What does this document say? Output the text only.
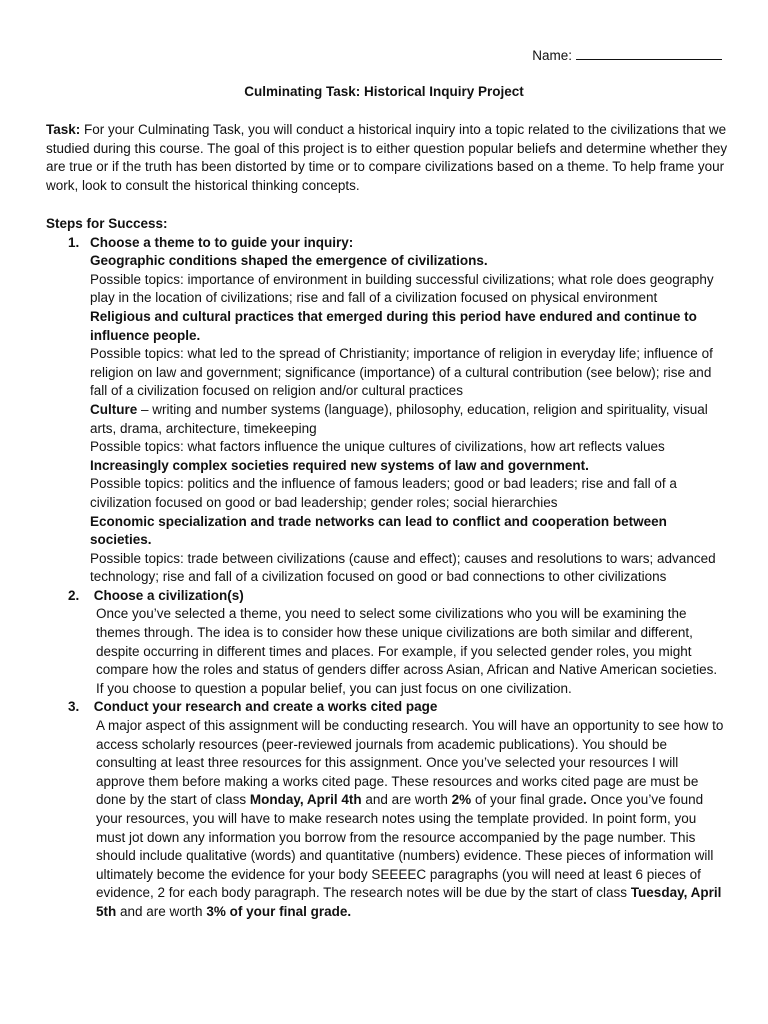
Name:
Culminating Task: Historical Inquiry Project

Task: For your Culminating Task, you will conduct a historical inquiry into a topic related to the civilizations that we studied during this course. The goal of this project is to either question popular beliefs and determine whether they are true or if the truth has been distorted by time or to compare civilizations based on a theme. To help frame your work, look to consult the historical thinking concepts.

Steps for Success:

1. Choose a theme to to guide your inquiry:

Geographic conditions shaped the emergence of civilizations.

Possible topics: importance of environment in building successful civilizations; what role does geography play in the location of civilizations; rise and fall of a civilization focused on physical environment

Religious and cultural practices that emerged during this period have endured and continue to influence people.

Possible topics: what led to the spread of Christianity; importance of religion in everyday life; influence of religion on law and government; significance (importance) of a cultural contribution (see below); rise and fall of a civilization focused on religion and/or cultural practices

Culture – writing and number systems (language), philosophy, education, religion and spirituality, visual arts, drama, architecture, timekeeping

Possible topics: what factors influence the unique cultures of civilizations, how art reflects values

Increasingly complex societies required new systems of law and government.

Possible topics: politics and the influence of famous leaders; good or bad leaders; rise and fall of a civilization focused on good or bad leadership; gender roles; social hierarchies

Economic specialization and trade networks can lead to conflict and cooperation between societies.

Possible topics: trade between civilizations (cause and effect); causes and resolutions to wars; advanced technology; rise and fall of a civilization focused on good or bad connections to other civilizations

2. Choose a civilization(s)

Once you’ve selected a theme, you need to select some civilizations who you will be examining the themes through. The idea is to consider how these unique civilizations are both similar and different, despite occurring in different times and places. For example, if you selected gender roles, you might compare how the roles and status of genders differ across Asian, African and Native American societies. If you choose to question a popular belief, you can just focus on one civilization.

3. Conduct your research and create a works cited page

A major aspect of this assignment will be conducting research. You will have an opportunity to see how to access scholarly resources (peer-reviewed journals from academic publications). You should be consulting at least three resources for this assignment. Once you’ve selected your resources I will approve them before making a works cited page. These resources and works cited page are must be done by the start of class Monday, April 4th and are worth 2% of your final grade. Once you’ve found your resources, you will have to make research notes using the template provided. In point form, you must jot down any information you borrow from the resource accompanied by the page number. This should include qualitative (words) and quantitative (numbers) evidence. These pieces of information will ultimately become the evidence for your body SEEEEC paragraphs (you will need at least 6 pieces of evidence, 2 for each body paragraph. The research notes will be due by the start of class Tuesday, April 5th and are worth 3% of your final grade.
